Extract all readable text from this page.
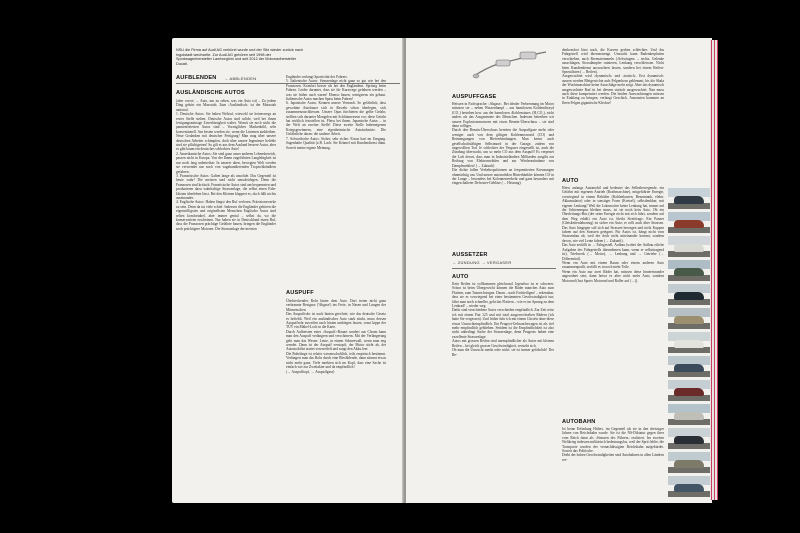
NSU die Firma auf Audi AG verkürzt wurde und der Sitz wieder zurück nach Ingolstadt wechselte. Zur Audi AG gehören seit 1998 der Sportwagenhersteller Lamborghini und seit 2012 der Motorradhersteller Ducati.
AUFBLENDEN → ABBLENDEN
AUSLÄNDISCHE AUTOS
(aber vorrot → Auto, um zu sehen, was ein Auto ist) – Zu jedem Ding gehört ein Massstab. Zum ›Ausländisch‹ ist der Massstab national.
1. Deutsche Autos: Sie haben Weltruf, wiewohl sie keineswegs an erster Stelle stehen. Deutsche Autos sind solide, weil bei ihnen fertigungsmässige Zuverlässigkeit waltet. Womit sie noch nicht die pannenfreiesten Autos sind – Vorzügliches Markenbild, sehr konventionell. Am besten werden sie, wenn die Linienen ausbleiben. Neue Gedanken mit deutscher Fertigung! Man mag über unsere deutschen Arbeiter schimpfen, doch über unsere Ingenieure befehle sind sie pflichtgetreu! So gilt es aus dem Ausland bessere Autos, aber es gibt kaum ein deutsches schlechtes Auto!
2. Amerikanische Autos: Sie sind ganz unser anderen Lebensbereich, passen nicht in Europa. Von der Ihnen zugeführten Langlebigkeit ist nur noch lang unbeirrtbar. In unserer alten, bewegten Welt werden sie verwendet nur noch von vagabundierenden Tropischhändlern gefahren.
3. Französische Autos: Galten lange als unsolide. Das Gegenteil ist heute wahr! Die meisten sind nicht umsoleidegen. Denn die Franzosen sind kritisch. Französische Autos sind am bequemsten und produzieren dazu wahrhaftige Strassenlage, die selbst einen Fahr-Idioten überleben lässt. Bei den Kleinen klappert es, doch fällt nichts auseinander.
4. Englische Autos: Haben längst den Ruf verloren, Präzisionswerke zu sein. Denn da tut viele schief. Indessen die Engländer gehören die eigenwilligsten und originellsten Menschen Englische Autos sind selten komfortabel, aber immer genial – selbst da, wo die konservativen erscheinen. Nur haben sie in Deutschland einen Ruf, dass die Franzosen prächtige Gefährte bauen, bringen die Engländer noch prächtigere Motoren. Die Strassenlage der meisten
Engländer verlangt Sportivität des Fahrers.
5. Italienische Autos: Strassenlage nicht ganz so gut wie bei den Franzosen. Komfort besser als bei den Engländern. Spritzig beim Fahren. Leider darunter, dass sie für Kurzwege gefahren werden – was sie früher auch waren! Ebenso bauen; wenigstens ein gebaut. Italienische Autos machen Spass beim Fahren!
6. Japanische Autos: Kennen unsere Vernunft. So gefährlich, dass gewohnte Autobauer sich in Abwehr schon überlegen, sich zusammenzuschliessen. Unsere Opas fürchteten die gelbe Gefahr, stellten sich darunter Mongolen mit Schlitzmessern vor; diese Gefahr hat wirklich feststellen ist. Fleiss bei ihnen. Japanische Autos ... in der Welt an zweiter Stelle! Diese zweite Stelle habeneigenen Kriegsgewinnern, eine eigenheimische Autoindustrie. Die Gefährliche daran: die saubere Arbeit.
7. Schwedische Autos: Sicher, sehr sicher. Etwas hart im Umgang. Sagenhafte Qualität (z.B. Lack: Sie Krümel mit Kundendienst dünn. Soweit meine eigene Meinung.
AUSPUFF
Übelriechendes Rohr hinter dem Auto. Dort treten nicht ganz verbrannte Restgase ('Abgase') ins Freie, in Nasen und Lungen der Mitmenschen.
Das Auspuffrohr ist nach hinten gerichtet, wie das deutsche Gesetz es befiehlt. Weil ein ausländisches Auto stark stinkt, muss dessen Auspuffrohr zuweilen nach hinten umbiegen lassen, sonst kippe der TÜV ein Mäkel-Loch in die Karte.
Durch Aufbersten einer ›Auspuff‹-Bauart sondert aus Chrom kann man den Auspuff verlängern und verschönern. Mit der Verlängerung geht man das Wesen: Leute, in einem Schneewall, wenn man eng wendet. Dann ist der Auspuff verstopft, der Motor stirbt ab, der Automobilist startet verzweifelt und saugt den Akku leer.
Die Rohrlänge ist relativ wissenschaftlich, teils empirisch bestimmt. Verlängert man das Rohr durch eine Blechblende, dann stimmt etwas nicht mehr ganz. Viele merkten sich im Kopf, dass eine Sache ist einfach wie zur Zweitakter und da empfindlich!
(→ Auspufftopf, → Auspuffgase)
AUSPUFFGASE
Heissen in Fachsprache: ›Abgase‹. Bei idealer Verbrennung im Motor müssten sie – neben Wasserdampf – aus harmlosem Kohlendioxyd (CO₂) bestehen bzw. aus der harmlosen ›Kohlensäure‹ (H₂CO₃), nicht anders als das Ausgeatmete des Menschen. Indessen betreiben wir unsere Explosionsmotoren mit etwas Benzin-Überschuss – sie sind dann williger.
Durch den Benzin-Überschuss bereiten die Auspuffgase mehr oder weniger auch von dem giftigen Kohlenmonoxid (CO) und Beimengungen von Bleiverbindungen. Man kennt auch gesellschaftsfähigen Selbstmord in der Garage, zudem von ungewollten Tod. Je schlechter der Vergaser eingestellt ist, auch die Zündung überwacht, um so mehr CO aus dem Auspuff! Es verpestet die Luft derart, dass man in Industrieländern Milliarden ausgibt zur Reifung von Elektromobilen und zur Wiederaufnahme von Dampfmobilen! (→ Zukunft)
Die dichte fallen Verkehrspulsionen an frequentierten Kreuzungen ohnmächtig um. Und unsere automobilen Hinterbänkler können CO in der Lunge – besonders bei Kolonnenverkehr und ganz besonders mit eingeschalteter Defroster-Gebläse (→ Heizung).
AUSSETZER
→ ZÜNDUNG → VERGASER
AUTO
Kein Reifen ist vollkommen gleichrund. Irgendwo ist er schwerer. Schon ist beim Übergewicht können die Räder manches Auto zum Flattern, zum Tanzen bringen. Daran – nach Fachteiligen! – erkennbar, dass sie es vorwiegend bei einer bestimmten Geschwindigkeit tun; fährt man noch schneller, geht das Flattern – wie es im Sprung zu dem Lenkrad! – wieder weg.
Dafür sind verschiedene Autos verschieden empfindlich. Zur Zeit reise ich mit einem Fiat 125 und mit total ausgewechselten Rädern (ich hatte Sie vergessen). Und früher fuhr ich mit einem Citroën ohne diese etwas Unwuchtempfindlich. Ein Peugeot-Gebrauchswagen ist als viel mehr empfindlich geblieben. Seitdem ist die Empfindlichkeit ist also nicht unbedingt Sache der Strassenlage, denn Peugeots haben eine exzellente Strassenlage.
Autos mit grossen Reifen sind unempfindlicher als Autos mit kleinen Reifen – bei gleich grosser Geschwindigkeit, versteht sich.
Ob man die Unwucht merkt oder nicht: sie ist immer gefährlich! Der Be-
denkomfort lässt nach, die Kurven gerben schlechter. Und das Fahrgestell wird überanstrengt. Unwucht kann Radenkerplatten verschieben, auch Bremstrommeln (›Schwingen‹ – rechts, Gelenke ausschlagen, Stossdämpfer ruinieren, Lenkung verschleissen. Nicht beim Kundendienst auswuchten lassen, sondern bei einem Reifen-Spezialisten (→ Reifen).
Ausgewuchtet wird ›dynamisch‹ und ›statisch‹. Erst dynamisch: aussen werden Bleigewichte aufs Felgenhorn geklemmt, bis die Skala der Wuchtmaschine keine Ausschläge mehr zeigt. Aber das dynamisch ausgewuchtete Rad ist bei diesem statisch ausgewuchtet. Nun muss auch diese kompensiert werden. Die beiden Auswuchtungen müssen in Einklang zu bringen, verlangt Geschick. Ansonsten kommen an Ihren Felgen gigantische Kleckse!
AUTO
Hiess anfangs Automobil und bedeutet das Selbstbewegende, ein Gefährt mit eigenem Antrieb (Kraftmaschine), mitgeführter Energie, vorwiegend in einem Behälter (Kohlenkasten, Benzintank, elektr. Akkumulator) oder in sonstiger Form (Kreisel), selbstlenkbar, mit eigener Lenkung! Weil die Lokomotive keine Lenkung hat, immer auf der Schienenspur bleiben muss, ist sie noch kein Auto. Ob ein Oberleitungs-Bus (der seine Energie nicht mit sich führt, sondern auf dem Weg erhält) ein Auto ist, bleibt Streitfrage. Ein Panzer (Gleiskettenfahrzeug) ist sicher ein Auto; er rollt auch über Strassen. Das Auto hingegen soll sich auf Strassen bewegen und nicht Kuppen fahren auf den Strassen geeignet. Für Autos ist, hängt nicht vom Strassenbau ab, weil der doch nicht miteinander kommt, sondern davon, wie viel Leute fahren (→ Zukunft).
Das Auto zerfällt in → Fahrgestell, Aufbau (wobei der Aufbau etliche Aufgaben des Fahrgestells übernehmen kann, wenn er selbsttragend ist), Triebwerk (→ Motor), → Lenkung und → Getriebe (→ Differential).
Wenn ein Auto mit einem Baum oder einem anderen Auto zusammenprallt, zerfällt es in noch mehr Teile.
Wenn ein Auto nur zwei Räder hat, müssen diese hintereinander angeordnet sein; dann heisst es aber nicht mehr Auto, sondern Motorrad (fast Sports Motorrad und Roller auf (→)).
AUTOBAHN
Ist keine Erfindung Hitlers, im Gegenteil als sie in den dreissiger Jahren von Reichsbahn wurde. Sie ist die NS-Diktatur gegen ihrer vom Reich dann als ›Strassen des Führers‹ realisiert. Im zweiten Weltkrieg indessen militärisch bedeutungslos, weil der Sprit fehlte; die Transporte wurden der vernachlässigten Reichsbahn aufgebürdet. Soweit das Politische.
Dreht der hohen Geschwindigkeiten sind Autobahnen in allen Ländern we-
